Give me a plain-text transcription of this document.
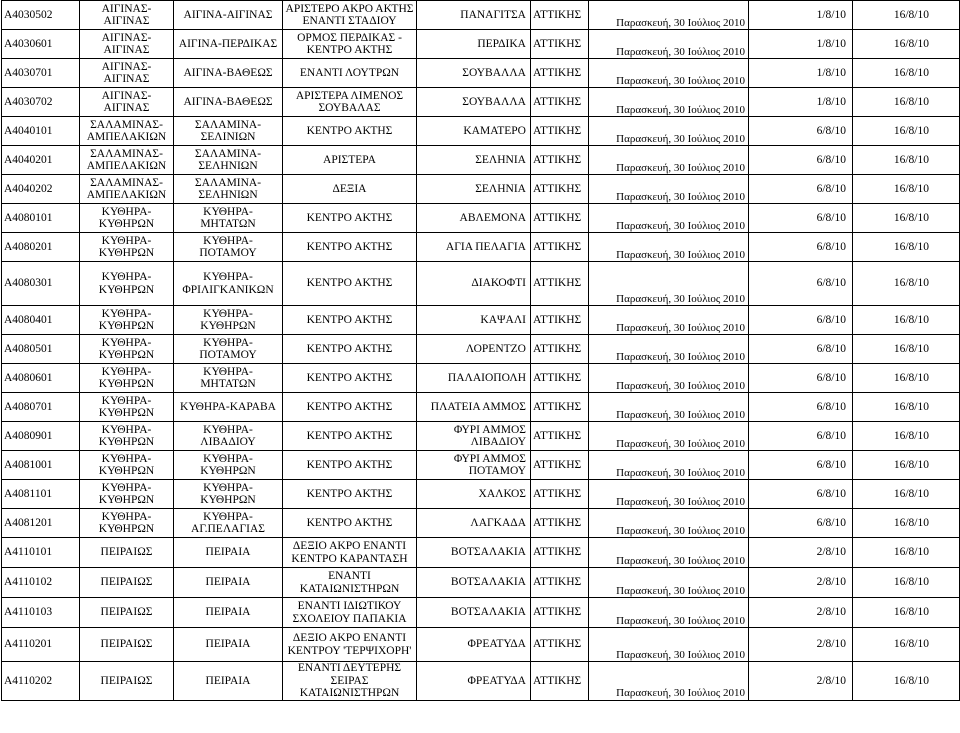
A4030502	ΑΙΓΙΝΑΣ-ΑΙΓΙΝΑΣ	ΑΙΓΙΝΑ-ΑΙΓΙΝΑΣ	ΑΡΙΣΤΕΡΟ ΑΚΡΟ ΑΚΤΗΣ ΕΝΑΝΤΙ ΣΤΑΔΙΟΥ	ΠΑΝΑΓΙΤΣΑ	ΑΤΤΙΚΗΣ	Παρασκευή, 30 Ιούλιος 2010	1/8/10	16/8/10
A4030601	ΑΙΓΙΝΑΣ-ΑΙΓΙΝΑΣ	ΑΙΓΙΝΑ-ΠΕΡΔΙΚΑΣ	ΟΡΜΟΣ ΠΕΡΔΙΚΑΣ - ΚΕΝΤΡΟ ΑΚΤΗΣ	ΠΕΡΔΙΚΑ	ΑΤΤΙΚΗΣ	Παρασκευή, 30 Ιούλιος 2010	1/8/10	16/8/10
A4030701	ΑΙΓΙΝΑΣ-ΑΙΓΙΝΑΣ	ΑΙΓΙΝΑ-ΒΑΘΕΩΣ	ΕΝΑΝΤΙ ΛΟΥΤΡΩΝ	ΣΟΥΒΑΛΛΑ	ΑΤΤΙΚΗΣ	Παρασκευή, 30 Ιούλιος 2010	1/8/10	16/8/10
A4030702	ΑΙΓΙΝΑΣ-ΑΙΓΙΝΑΣ	ΑΙΓΙΝΑ-ΒΑΘΕΩΣ	ΑΡΙΣΤΕΡΑ ΛΙΜΕΝΟΣ ΣΟΥΒΑΛΑΣ	ΣΟΥΒΑΛΛΑ	ΑΤΤΙΚΗΣ	Παρασκευή, 30 Ιούλιος 2010	1/8/10	16/8/10
A4040101	ΣΑΛΑΜΙΝΑΣ-ΑΜΠΕΛΑΚΙΩΝ	ΣΑΛΑΜΙΝΑ-ΣΕΛΙΝΙΩΝ	ΚΕΝΤΡΟ ΑΚΤΗΣ	ΚΑΜΑΤΕΡΟ	ΑΤΤΙΚΗΣ	Παρασκευή, 30 Ιούλιος 2010	6/8/10	16/8/10
A4040201	ΣΑΛΑΜΙΝΑΣ-ΑΜΠΕΛΑΚΙΩΝ	ΣΑΛΑΜΙΝΑ-ΣΕΛΗΝΙΩΝ	ΑΡΙΣΤΕΡΑ	ΣΕΛΗΝΙΑ	ΑΤΤΙΚΗΣ	Παρασκευή, 30 Ιούλιος 2010	6/8/10	16/8/10
A4040202	ΣΑΛΑΜΙΝΑΣ-ΑΜΠΕΛΑΚΙΩΝ	ΣΑΛΑΜΙΝΑ-ΣΕΛΗΝΙΩΝ	ΔΕΞΙΑ	ΣΕΛΗΝΙΑ	ΑΤΤΙΚΗΣ	Παρασκευή, 30 Ιούλιος 2010	6/8/10	16/8/10
A4080101	ΚΥΘΗΡΑ-ΚΥΘΗΡΩΝ	ΚΥΘΗΡΑ-ΜΗΤΑΤΩΝ	ΚΕΝΤΡΟ ΑΚΤΗΣ	ΑΒΛΕΜΟΝΑ	ΑΤΤΙΚΗΣ	Παρασκευή, 30 Ιούλιος 2010	6/8/10	16/8/10
A4080201	ΚΥΘΗΡΑ-ΚΥΘΗΡΩΝ	ΚΥΘΗΡΑ-ΠΟΤΑΜΟΥ	ΚΕΝΤΡΟ ΑΚΤΗΣ	ΑΓΙΑ ΠΕΛΑΓΙΑ	ΑΤΤΙΚΗΣ	Παρασκευή, 30 Ιούλιος 2010	6/8/10	16/8/10
A4080301	ΚΥΘΗΡΑ-ΚΥΘΗΡΩΝ	ΚΥΘΗΡΑ-ΦΡΙΛΙΓΚΑΝΙΚΩΝ	ΚΕΝΤΡΟ ΑΚΤΗΣ	ΔΙΑΚΟΦΤΙ	ΑΤΤΙΚΗΣ	Παρασκευή, 30 Ιούλιος 2010	6/8/10	16/8/10
A4080401	ΚΥΘΗΡΑ-ΚΥΘΗΡΩΝ	ΚΥΘΗΡΑ-ΚΥΘΗΡΩΝ	ΚΕΝΤΡΟ ΑΚΤΗΣ	ΚΑΨΑΛΙ	ΑΤΤΙΚΗΣ	Παρασκευή, 30 Ιούλιος 2010	6/8/10	16/8/10
A4080501	ΚΥΘΗΡΑ-ΚΥΘΗΡΩΝ	ΚΥΘΗΡΑ-ΠΟΤΑΜΟΥ	ΚΕΝΤΡΟ ΑΚΤΗΣ	ΛΟΡΕΝΤΖΟ	ΑΤΤΙΚΗΣ	Παρασκευή, 30 Ιούλιος 2010	6/8/10	16/8/10
A4080601	ΚΥΘΗΡΑ-ΚΥΘΗΡΩΝ	ΚΥΘΗΡΑ-ΜΗΤΑΤΩΝ	ΚΕΝΤΡΟ ΑΚΤΗΣ	ΠΑΛΑΙΟΠΟΛΗ	ΑΤΤΙΚΗΣ	Παρασκευή, 30 Ιούλιος 2010	6/8/10	16/8/10
A4080701	ΚΥΘΗΡΑ-ΚΥΘΗΡΩΝ	ΚΥΘΗΡΑ-ΚΑΡΑΒΑ	ΚΕΝΤΡΟ ΑΚΤΗΣ	ΠΛΑΤΕΙΑ ΑΜΜΟΣ	ΑΤΤΙΚΗΣ	Παρασκευή, 30 Ιούλιος 2010	6/8/10	16/8/10
A4080901	ΚΥΘΗΡΑ-ΚΥΘΗΡΩΝ	ΚΥΘΗΡΑ-ΛΙΒΑΔΙΟΥ	ΚΕΝΤΡΟ ΑΚΤΗΣ	ΦΥΡΙ ΑΜΜΟΣ ΛΙΒΑΔΙΟΥ	ΑΤΤΙΚΗΣ	Παρασκευή, 30 Ιούλιος 2010	6/8/10	16/8/10
A4081001	ΚΥΘΗΡΑ-ΚΥΘΗΡΩΝ	ΚΥΘΗΡΑ-ΚΥΘΗΡΩΝ	ΚΕΝΤΡΟ ΑΚΤΗΣ	ΦΥΡΙ ΑΜΜΟΣ ΠΟΤΑΜΟΥ	ΑΤΤΙΚΗΣ	Παρασκευή, 30 Ιούλιος 2010	6/8/10	16/8/10
A4081101	ΚΥΘΗΡΑ-ΚΥΘΗΡΩΝ	ΚΥΘΗΡΑ-ΚΥΘΗΡΩΝ	ΚΕΝΤΡΟ ΑΚΤΗΣ	ΧΑΛΚΟΣ	ΑΤΤΙΚΗΣ	Παρασκευή, 30 Ιούλιος 2010	6/8/10	16/8/10
A4081201	ΚΥΘΗΡΑ-ΚΥΘΗΡΩΝ	ΚΥΘΗΡΑ-ΑΓ.ΠΕΛΑΓΙΑΣ	ΚΕΝΤΡΟ ΑΚΤΗΣ	ΛΑΓΚΑΔΑ	ΑΤΤΙΚΗΣ	Παρασκευή, 30 Ιούλιος 2010	6/8/10	16/8/10
A4110101	ΠΕΙΡΑΙΩΣ	ΠΕΙΡΑΙΑ	ΔΕΞΙΟ ΑΚΡΟ ΕΝΑΝΤΙ ΚΕΝΤΡΟ ΚΑΡΑΝΤΑΣΗ	ΒΟΤΣΑΛΑΚΙΑ	ΑΤΤΙΚΗΣ	Παρασκευή, 30 Ιούλιος 2010	2/8/10	16/8/10
A4110102	ΠΕΙΡΑΙΩΣ	ΠΕΙΡΑΙΑ	ΕΝΑΝΤΙ ΚΑΤΑΙΩΝΙΣΤΗΡΩΝ	ΒΟΤΣΑΛΑΚΙΑ	ΑΤΤΙΚΗΣ	Παρασκευή, 30 Ιούλιος 2010	2/8/10	16/8/10
A4110103	ΠΕΙΡΑΙΩΣ	ΠΕΙΡΑΙΑ	ΕΝΑΝΤΙ ΙΔΙΩΤΙΚΟΥ ΣΧΟΛΕΙΟΥ ΠΑΠΑΚΙΑ	ΒΟΤΣΑΛΑΚΙΑ	ΑΤΤΙΚΗΣ	Παρασκευή, 30 Ιούλιος 2010	2/8/10	16/8/10
A4110201	ΠΕΙΡΑΙΩΣ	ΠΕΙΡΑΙΑ	ΔΕΞΙΟ ΑΚΡΟ ΕΝΑΝΤΙ ΚΕΝΤΡΟΥ 'ΤΕΡΨΙΧΟΡΗ'	ΦΡΕΑΤΥΔΑ	ΑΤΤΙΚΗΣ	Παρασκευή, 30 Ιούλιος 2010	2/8/10	16/8/10
A4110202	ΠΕΙΡΑΙΩΣ	ΠΕΙΡΑΙΑ	ΕΝΑΝΤΙ ΔΕΥΤΕΡΗΣ ΣΕΙΡΑΣ ΚΑΤΑΙΩΝΙΣΤΗΡΩΝ	ΦΡΕΑΤΥΔΑ	ΑΤΤΙΚΗΣ	Παρασκευή, 30 Ιούλιος 2010	2/8/10	16/8/10
